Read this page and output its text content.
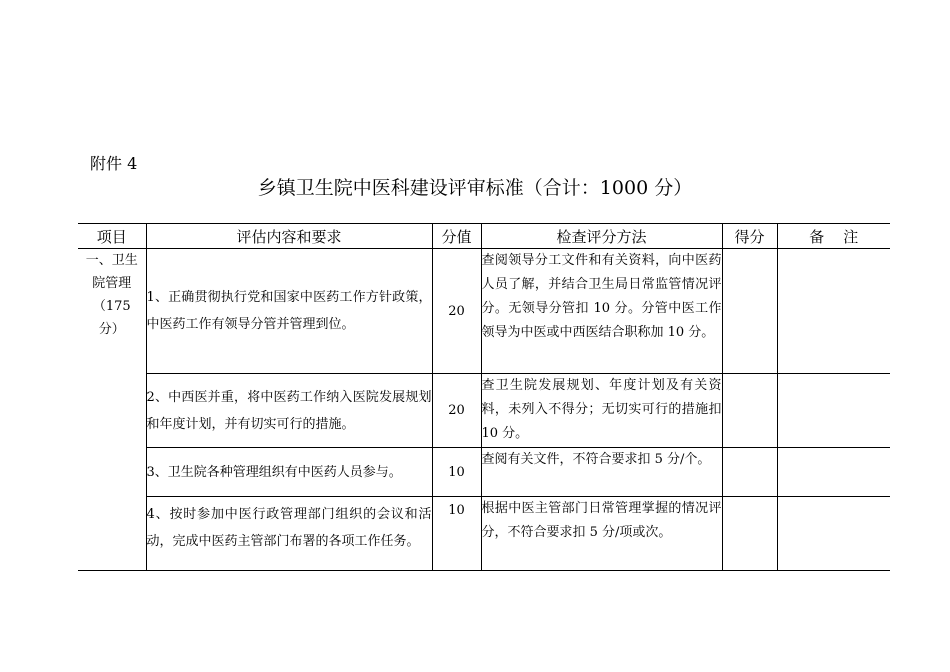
附件 4
乡镇卫生院中医科建设评审标准（合计：1000 分）
项目	评估内容和要求	分值	检查评分方法	得分	备    注
一、卫生
院管理
（175
分）	1、正确贯彻执行党和国家中医药工作方针政策，中医药工作有领导分管并管理到位。	20	查阅领导分工文件和有关资料，向中医药人员了解，并结合卫生局日常监管情况评分。无领导分管扣 10 分。分管中医工作领导为中医或中西医结合职称加 10 分。		
	2、中西医并重，将中医药工作纳入医院发展规划和年度计划，并有切实可行的措施。	20	查卫生院发展规划、年度计划及有关资料，未列入不得分；无切实可行的措施扣 10 分。		
	3、卫生院各种管理组织有中医药人员参与。	10	查阅有关文件，不符合要求扣 5 分/个。		
	4、按时参加中医行政管理部门组织的会议和活动，完成中医药主管部门布署的各项工作任务。	10	根据中医主管部门日常管理掌握的情况评分，不符合要求扣 5 分/项或次。		
